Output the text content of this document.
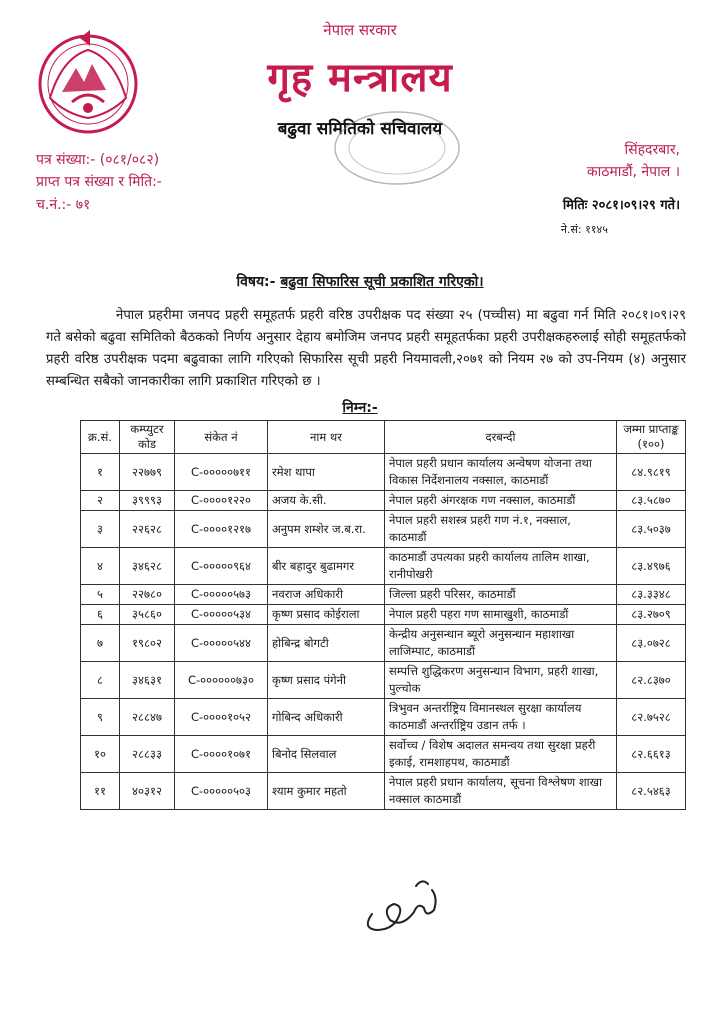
नेपाल सरकार
गृह मन्त्रालय
बढुवा समितिको सचिवालय
पत्र संख्या:- (०८१/०८२)
प्राप्त पत्र संख्या र मिति:-
च.नं.:- ७१
सिंहदरबार,
काठमाडौं, नेपाल ।
मितिः २०८१।०९।२९ गते।
ने.सं: ११४५
विषय:- बढुवा सिफारिस सूची प्रकाशित गरिएको।
नेपाल प्रहरीमा जनपद प्रहरी समूहतर्फ प्रहरी वरिष्ठ उपरीक्षक पद संख्या २५ (पच्चीस) मा बढुवा गर्न मिति २०८१।०९।२९ गते बसेको बढुवा समितिको बैठकको निर्णय अनुसार देहाय बमोजिम जनपद प्रहरी समूहतर्फका प्रहरी उपरीक्षकहरुलाई सोही समूहतर्फको प्रहरी वरिष्ठ उपरीक्षक पदमा बढुवाका लागि गरिएको सिफारिस सूची प्रहरी नियमावली,२०७१ को नियम २७ को उप-नियम (४) अनुसार सम्बन्धित सबैको जानकारीका लागि प्रकाशित गरिएको छ ।
निम्न:-
क्र.सं.	कम्प्युटर कोड	संकेत नं	नाम थर	दरबन्दी	जम्मा प्राप्ताङ्क (१००)
१	२२७७९	C-०००००७११	रमेश थापा	नेपाल प्रहरी प्रधान कार्यालय अन्वेषण योजना तथा विकास निर्देशनालय नक्साल, काठमाडौं	८४.९८१९
२	३९९९३	C-००००१२२०	अजय के.सी.	नेपाल प्रहरी अंगरक्षक गण नक्साल, काठमाडौं	८३.५८७०
३	२२६२८	C-००००१२१७	अनुपम शम्शेर ज.ब.रा.	नेपाल प्रहरी सशस्त्र प्रहरी गण नं.१, नक्साल, काठमाडौं	८३.५०३७
४	३४६२८	C-०००००९६४	बीर बहादुर बुढामगर	काठमाडौं उपत्यका प्रहरी कार्यालय तालिम शाखा, रानीपोखरी	८३.४९७६
५	२२७८०	C-०००००५७३	नवराज अधिकारी	जिल्ला प्रहरी परिसर, काठमाडौं	८३.३३४८
६	३५८६०	C-०००००५३४	कृष्ण प्रसाद कोईराला	नेपाल प्रहरी पहरा गण सामाखुशी, काठमाडौं	८३.२७०९
७	१९८०२	C-०००००५४४	होबिन्द्र बोगटी	केन्द्रीय अनुसन्धान ब्यूरो अनुसन्धान महाशाखा लाजिम्पाट, काठमाडौं	८३.०७२८
८	३४६३१	C-००००००७३०	कृष्ण प्रसाद पंगेनी	सम्पत्ति शुद्धिकरण अनुसन्धान विभाग, प्रहरी शाखा, पुल्चोक	८२.८३७०
९	२८८४७	C-००००१०५२	गोबिन्द अधिकारी	त्रिभुवन अन्तर्राष्ट्रिय विमानस्थल सुरक्षा कार्यालय काठमाडौं अन्तर्राष्ट्रिय उडान तर्फ ।	८२.७५२८
१०	२८८३३	C-००००१०७१	बिनोद सिलवाल	सर्वोच्च / विशेष अदालत समन्वय तथा सुरक्षा प्रहरी इकाई, रामशाहपथ, काठमाडौं	८२.६६१३
११	४०३१२	C-०००००५०३	श्याम कुमार महतो	नेपाल प्रहरी प्रधान कार्यालय, सूचना विश्लेषण शाखा नक्साल काठमाडौं	८२.५४६३
